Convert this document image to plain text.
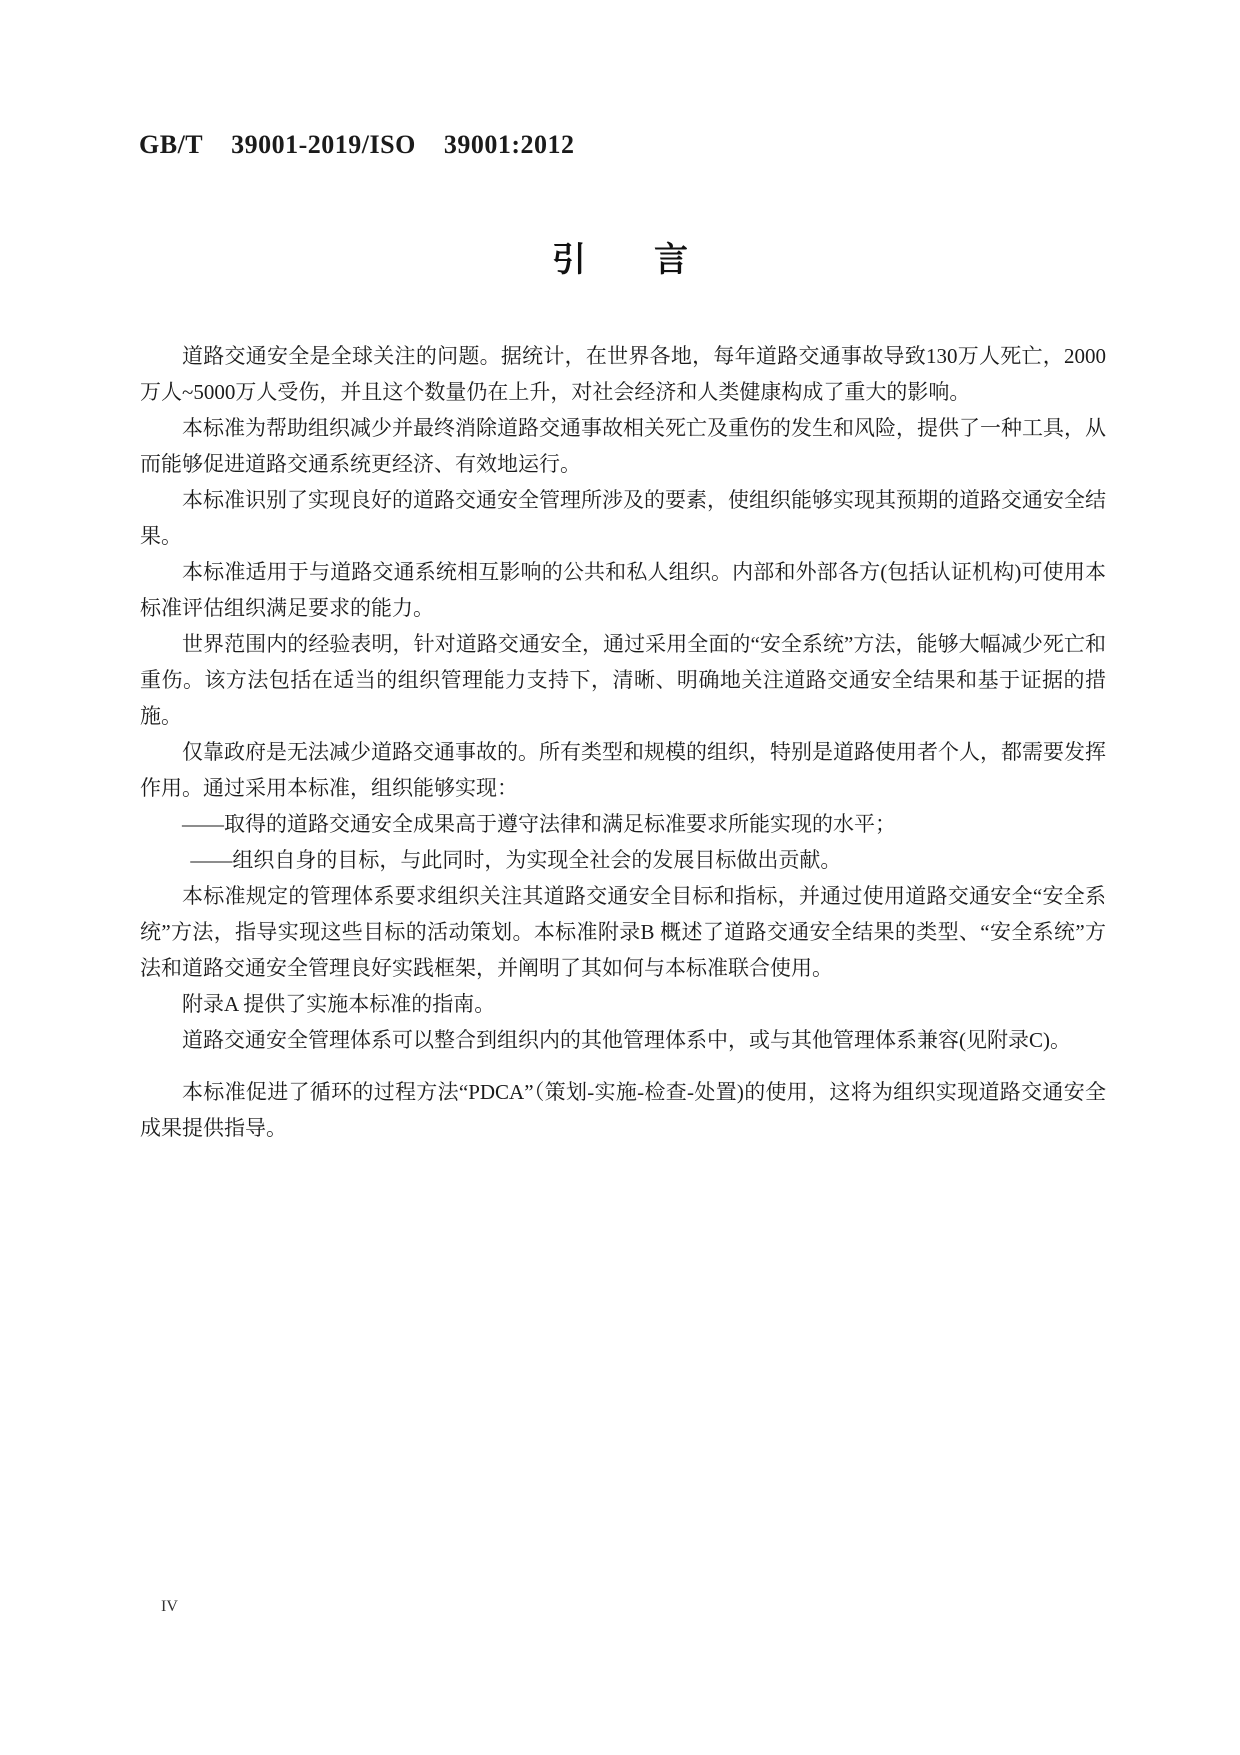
GB/T 39001-2019/ISO 39001:2012
引　　言

道路交通安全是全球关注的问题。据统计，在世界各地，每年道路交通事故导致130万人死亡，2000万人~5000万人受伤，并且这个数量仍在上升，对社会经济和人类健康构成了重大的影响。

本标准为帮助组织减少并最终消除道路交通事故相关死亡及重伤的发生和风险，提供了一种工具，从而能够促进道路交通系统更经济、有效地运行。

本标准识别了实现良好的道路交通安全管理所涉及的要素，使组织能够实现其预期的道路交通安全结果。

本标准适用于与道路交通系统相互影响的公共和私人组织。内部和外部各方(包括认证机构)可使用本标准评估组织满足要求的能力。

世界范围内的经验表明，针对道路交通安全，通过采用全面的“安全系统”方法，能够大幅减少死亡和重伤。该方法包括在适当的组织管理能力支持下，清晰、明确地关注道路交通安全结果和基于证据的措施。

仅靠政府是无法减少道路交通事故的。所有类型和规模的组织，特别是道路使用者个人，都需要发挥作用。通过采用本标准，组织能够实现：

——取得的道路交通安全成果高于遵守法律和满足标准要求所能实现的水平；

——组织自身的目标，与此同时，为实现全社会的发展目标做出贡献。

本标准规定的管理体系要求组织关注其道路交通安全目标和指标，并通过使用道路交通安全“安全系统”方法，指导实现这些目标的活动策划。本标准附录B 概述了道路交通安全结果的类型、“安全系统”方法和道路交通安全管理良好实践框架，并阐明了其如何与本标准联合使用。

附录A 提供了实施本标准的指南。

道路交通安全管理体系可以整合到组织内的其他管理体系中，或与其他管理体系兼容(见附录C)。

本标准促进了循环的过程方法“PDCA”（策划-实施-检查-处置)的使用，这将为组织实现道路交通安全成果提供指导。

IV
